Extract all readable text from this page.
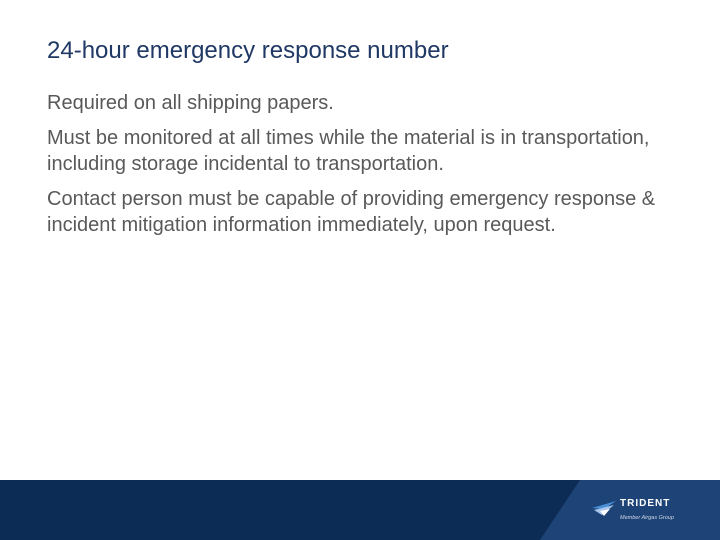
24-hour emergency response number

Required on all shipping papers.

Must be monitored at all times while the material is in transportation, including storage incidental to transportation.

Contact person must be capable of providing emergency response & incident mitigation information immediately, upon request.

TRIDENT
Member Airgas Group
